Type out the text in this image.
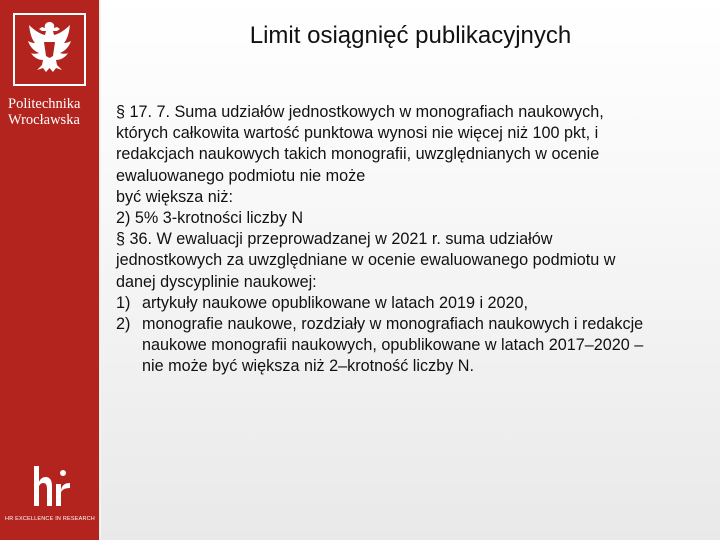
Politechnika
Wrocławska
HR EXCELLENCE IN RESEARCH
Limit osiągnięć publikacyjnych
§ 17. 7. Suma udziałów jednostkowych w monografiach naukowych,
których całkowita wartość punktowa wynosi nie więcej niż 100 pkt, i
redakcjach naukowych takich monografii, uwzględnianych w ocenie
ewaluowanego podmiotu nie może
być większa niż:
2) 5% 3-krotności liczby N
§ 36. W ewaluacji przeprowadzanej w 2021 r. suma udziałów
jednostkowych za uwzględniane w ocenie ewaluowanego podmiotu w
danej dyscyplinie naukowej:
1) artykuły naukowe opublikowane w latach 2019 i 2020,
2) monografie naukowe, rozdziały w monografiach naukowych i redakcje
naukowe monografii naukowych, opublikowane w latach 2017–2020 –
nie może być większa niż 2–krotność liczby N.
